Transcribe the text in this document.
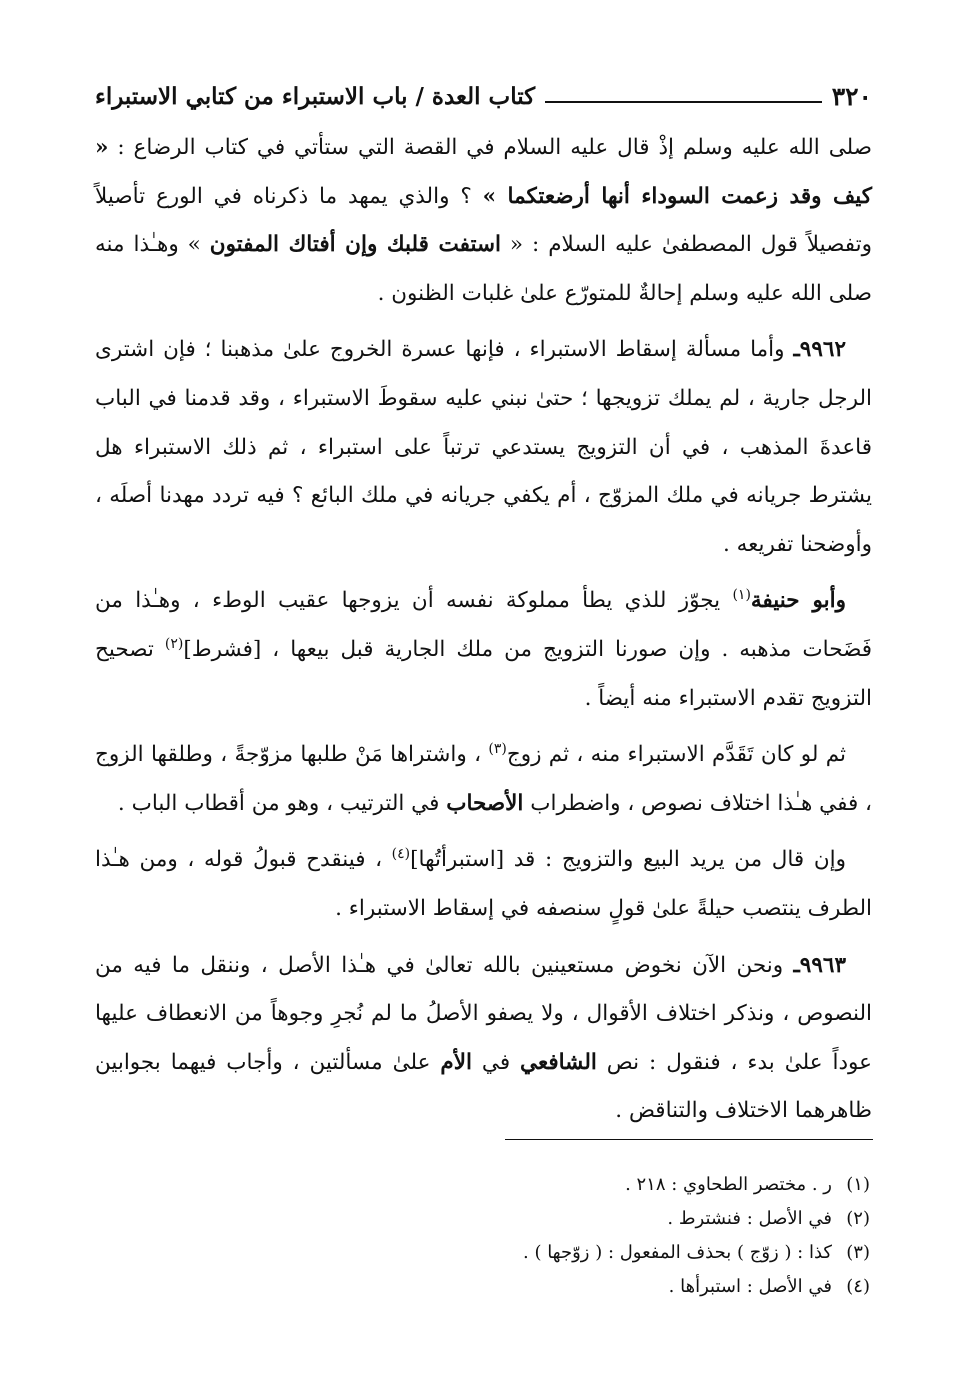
٣٢٠
كتاب العدة / باب الاستبراء من كتابي الاستبراء

صلى الله عليه وسلم إذْ قال عليه السلام في القصة التي ستأتي في كتاب الرضاع : « كيف وقد زعمت السوداء أنها أرضعتكما » ؟ والذي يمهد ما ذكرناه في الورع تأصيلاً وتفصيلاً قول المصطفىٰ عليه السلام : « استفت قلبك وإن أفتاك المفتون » وهـٰذا منه صلى الله عليه وسلم إحالةٌ للمتورّع علىٰ غلبات الظنون .

٩٩٦٢ـ وأما مسألة إسقاط الاستبراء ، فإنها عسرة الخروج علىٰ مذهبنا ؛ فإن اشترى الرجل جارية ، لم يملك تزويجها ؛ حتىٰ نبني عليه سقوطَ الاستبراء ، وقد قدمنا في الباب قاعدةَ المذهب ، في أن التزويج يستدعي ترتباً على استبراء ، ثم ذلك الاستبراء هل يشترط جريانه في ملك المزوّج ، أم يكفي جريانه في ملك البائع ؟ فيه تردد مهدنا أصلَه ، وأوضحنا تفريعه .

وأبو حنيفة$^{(١)}$ يجوّز للذي يطأ مملوكة نفسه أن يزوجها عقيب الوطء ، وهـٰذا من فَضَحات مذهبه . وإن صورنا التزويج من ملك الجارية قبل بيعها ، [فشرط]$^{(٢)}$ تصحيح التزويج تقدم الاستبراء منه أيضاً .

ثم لو كان تَقَدَّم الاستبراء منه ، ثم زوج$^{(٣)}$ ، واشتراها مَنْ طلبها مزوّجةً ، وطلقها الزوج ، ففي هـٰذا اختلاف نصوص ، واضطراب الأصحاب في الترتيب ، وهو من أقطاب الباب .

وإن قال من يريد البيع والتزويج : قد [استبرأتُها]$^{(٤)}$ ، فينقدح قبولُ قوله ، ومن هـٰذا الطرف ينتصب حيلةً علىٰ قولٍ سنصفه في إسقاط الاستبراء .

٩٩٦٣ـ ونحن الآن نخوض مستعينين بالله تعالىٰ في هـٰذا الأصل ، وننقل ما فيه من النصوص ، ونذكر اختلاف الأقوال ، ولا يصفو الأصلُ ما لم نُجرِ وجوهاً من الانعطاف عليها عوداً علىٰ بدء ، فنقول : نص الشافعي في الأم علىٰ مسألتين ، وأجاب فيهما بجوابين ظاهرهما الاختلاف والتناقض .

(١)
ر . مختصر الطحاوي : ٢١٨ .
(٢)
في الأصل : فنشترط .
(٣)
كذا : ( زوّج ) بحذف المفعول : ( زوّجها ) .
(٤)
في الأصل : استبرأها .
